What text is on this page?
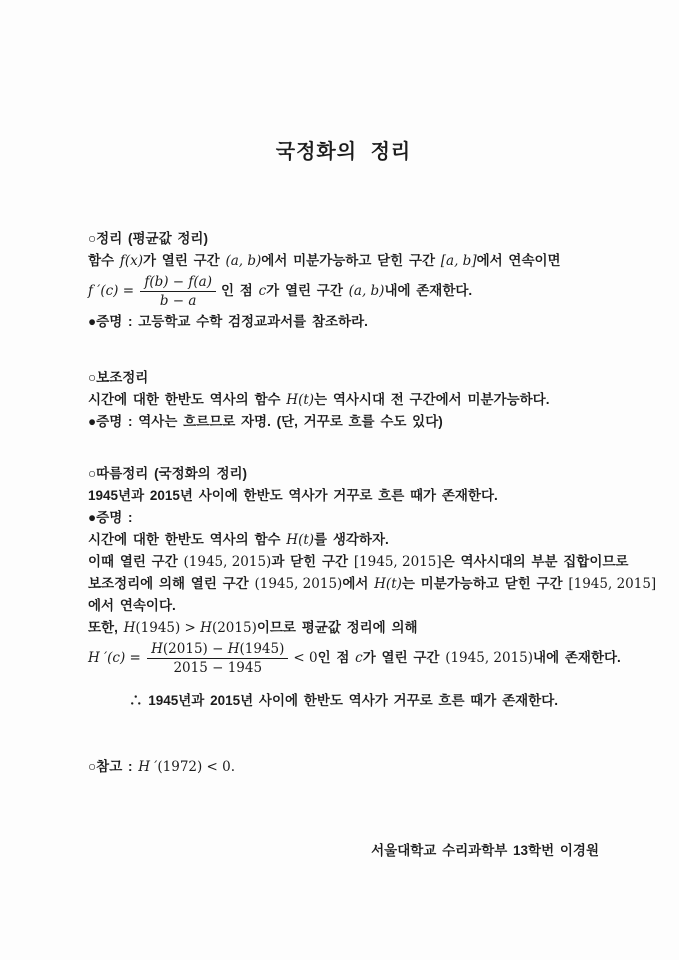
국정화의 정리
○정리 (평균값 정리)
함수 f(x)가 열린 구간 (a, b)에서 미분가능하고 닫힌 구간 [a, b]에서 연속이면
f $'(c) = \frac{f(b) - f(a)}{b - a}$ 인 점 c가 열린 구간 (a, b)내에 존재한다.
●증명 : 고등학교 수학 검정교과서를 참조하라.
○보조정리
시간에 대한 한반도 역사의 함수 H(t)는 역사시대 전 구간에서 미분가능하다.
●증명 : 역사는 흐르므로 자명. (단, 거꾸로 흐를 수도 있다)
○따름정리 (국정화의 정리)
1945년과 2015년 사이에 한반도 역사가 거꾸로 흐른 때가 존재한다.
●증명 :
시간에 대한 한반도 역사의 함수 H(t)를 생각하자.
이때 열린 구간 (1945, 2015)과 닫힌 구간 [1945, 2015]은 역사시대의 부분 집합이므로
보조정리에 의해 열린 구간 (1945, 2015)에서 H(t)는 미분가능하고 닫힌 구간 [1945, 2015]
에서 연속이다.
또한, H(1945) > H(2015)이므로 평균값 정리에 의해
H $'(c) = \frac{H(2015) - H(1945)}{2015 - 1945} < 0$인 점 c가 열린 구간 (1945, 2015)내에 존재한다.
∴ 1945년과 2015년 사이에 한반도 역사가 거꾸로 흐른 때가 존재한다.
○참고 : H ′(1972) < 0.
서울대학교 수리과학부 13학번 이경원
